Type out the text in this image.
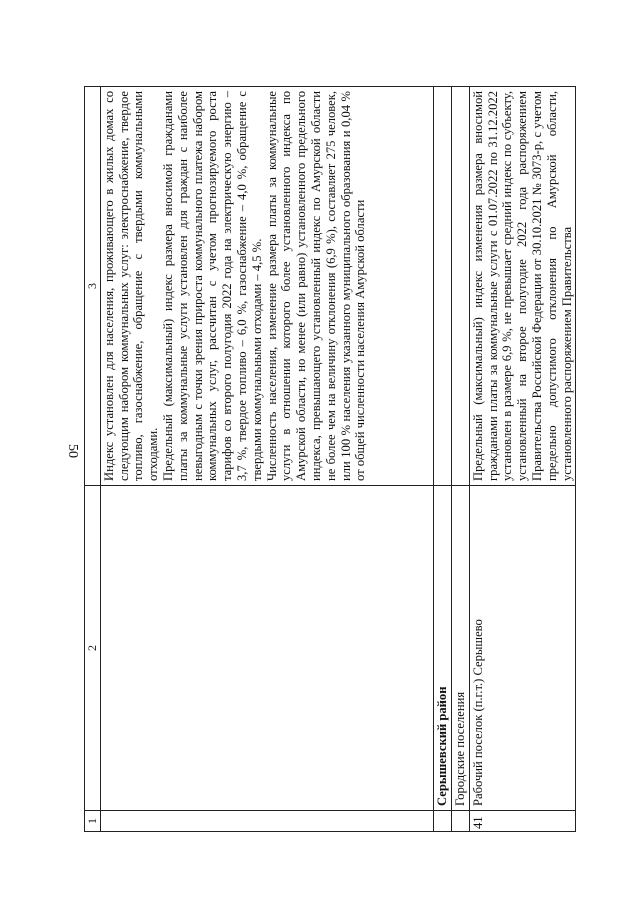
50
1	2	3

		Индекс установлен для населения, проживающего в жилых домах со следующим набором коммунальных услуг: электроснабжение, твердое топливо, газоснабжение, обращение с твердыми коммунальными отходами. Предельный (максимальный) индекс размера вносимой гражданами платы за коммунальные услуги установлен для граждан с наиболее невыгодным с точки зрения прироста коммунального платежа набором коммунальных услуг, рассчитан с учетом прогнозируемого роста тарифов со второго полугодия 2022 года на электрическую энергию – 3,7 %, твердое топливо – 6,0 %, газоснабжение – 4,0 %, обращение с твердыми коммунальными отходами – 4,5 %. Численность населения, изменение размера платы за коммунальные услуги в отношении которого более установленного индекса по Амурской области, но менее (или равно) установленного предельного индекса, превышающего установленный индекс по Амурской области не более чем на величину отклонения (6,9 %), составляет 275 человек, или 100 % населения указанного муниципального образования и 0,04 % от общей численности населения Амурской области

	Серышевский район	
	Городские поселения	
41	Рабочий поселок (п.г.т.) Серышево	Предельный (максимальный) индекс изменения размера вносимой гражданами платы за коммунальные услуги с 01.07.2022 по 31.12.2022 установлен в размере 6,9 %, не превышает средний индекс по субъекту, установленный на второе полугодие 2022 года распоряжением Правительства Российской Федерации от 30.10.2021 № 3073-р, с учетом предельно допустимого отклонения по Амурской области, установленного распоряжением Правительства
